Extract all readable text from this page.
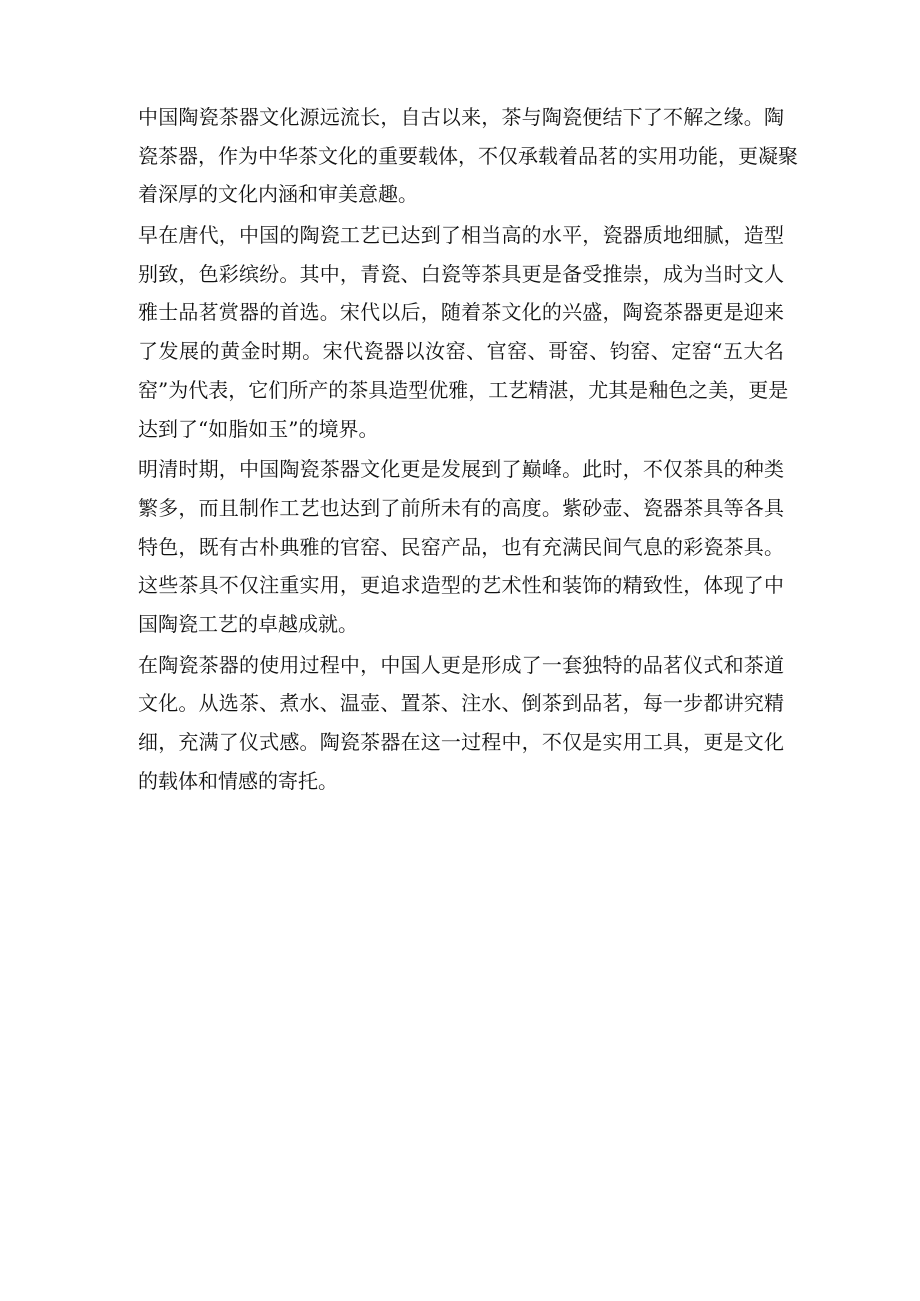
中国陶瓷茶器文化源远流长，自古以来，茶与陶瓷便结下了不解之缘。陶
瓷茶器，作为中华茶文化的重要载体，不仅承载着品茗的实用功能，更凝聚
着深厚的文化内涵和审美意趣。

早在唐代，中国的陶瓷工艺已达到了相当高的水平，瓷器质地细腻，造型
别致，色彩缤纷。其中，青瓷、白瓷等茶具更是备受推崇，成为当时文人
雅士品茗赏器的首选。宋代以后，随着茶文化的兴盛，陶瓷茶器更是迎来
了发展的黄金时期。宋代瓷器以汝窑、官窑、哥窑、钧窑、定窑“五大名
窑”为代表，它们所产的茶具造型优雅，工艺精湛，尤其是釉色之美，更是
达到了“如脂如玉”的境界。

明清时期，中国陶瓷茶器文化更是发展到了巅峰。此时，不仅茶具的种类
繁多，而且制作工艺也达到了前所未有的高度。紫砂壶、瓷器茶具等各具
特色，既有古朴典雅的官窑、民窑产品，也有充满民间气息的彩瓷茶具。
这些茶具不仅注重实用，更追求造型的艺术性和装饰的精致性，体现了中
国陶瓷工艺的卓越成就。

在陶瓷茶器的使用过程中，中国人更是形成了一套独特的品茗仪式和茶道
文化。从选茶、煮水、温壶、置茶、注水、倒茶到品茗，每一步都讲究精
细，充满了仪式感。陶瓷茶器在这一过程中，不仅是实用工具，更是文化
的载体和情感的寄托。
